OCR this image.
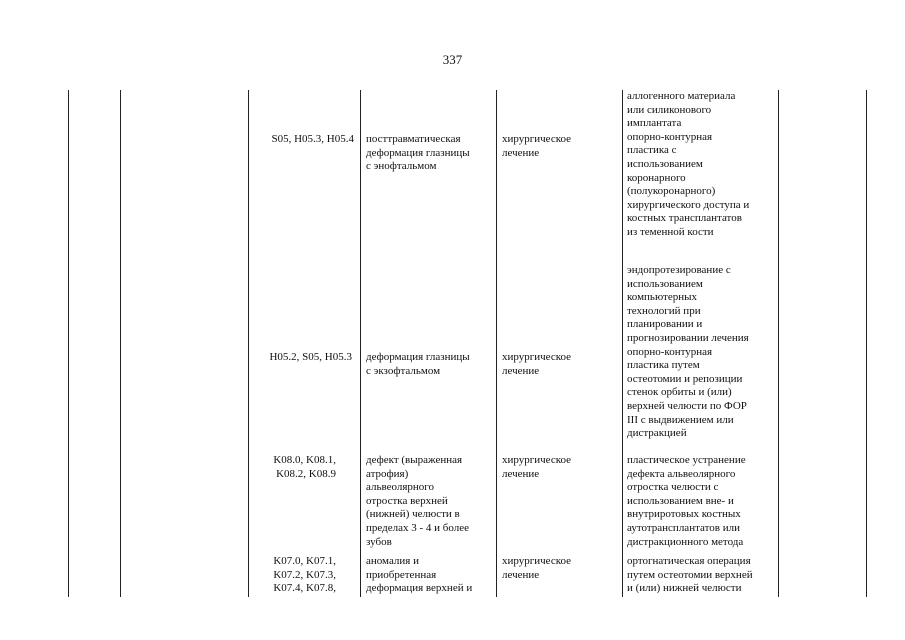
337
аллогенного материала
или силиконового
имплантата
опорно-контурная
пластика с
использованием
коронарного
(полукоронарного)
хирургического доступа и
костных трансплантатов
из теменной кости
S05, H05.3, H05.4 посттравматическая
деформация глазницы
с энофтальмом
хирургическое
лечение
эндопротезирование с
использованием
компьютерных
технологий при
планировании и
прогнозировании лечения
опорно-контурная
пластика путем
остеотомии и репозиции
стенок орбиты и (или)
верхней челюсти по ФОР
III с выдвижением или
дистракцией
H05.2, S05, H05.3 деформация глазницы
с экзофтальмом
хирургическое
лечение
K08.0, K08.1,
K08.2, K08.9
дефект (выраженная
атрофия)
альвеолярного
отростка верхней
(нижней) челюсти в
пределах 3 - 4 и более
зубов
хирургическое
лечение
пластическое устранение
дефекта альвеолярного
отростка челюсти с
использованием вне- и
внутриротовых костных
аутотрансплантатов или
дистракционного метода
K07.0, K07.1,
K07.2, K07.3,
K07.4, K07.8,
аномалия и
приобретенная
деформация верхней и
хирургическое
лечение
ортогнатическая операция
путем остеотомии верхней
и (или) нижней челюсти
